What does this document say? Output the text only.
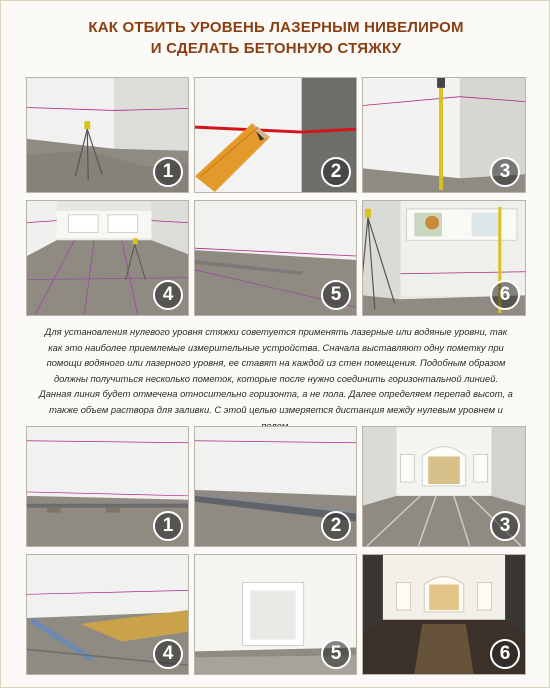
КАК ОТБИТЬ УРОВЕНЬ ЛАЗЕРНЫМ НИВЕЛИРОМ
И СДЕЛАТЬ БЕТОННУЮ СТЯЖКУ
1	2	3
4	5	6
Для установления нулевого уровня стяжки советуется применять лазерные или водяные уровни, так как это наиболее приемлемые измерительные устройства. Сначала выставляют одну пометку при помощи водяного или лазерного уровня, ее ставят на каждой из стен помещения. Подобным образом должны получиться несколько пометок, которые после нужно соединить горизонтальной линией. Данная линия будет отмечена относительно горизонта, а не пола. Далее определяем перепад высот, а также объем раствора для заливки. С этой целью измеряется дистанция между нулевым уровнем и
1	2	3
4	5	6
